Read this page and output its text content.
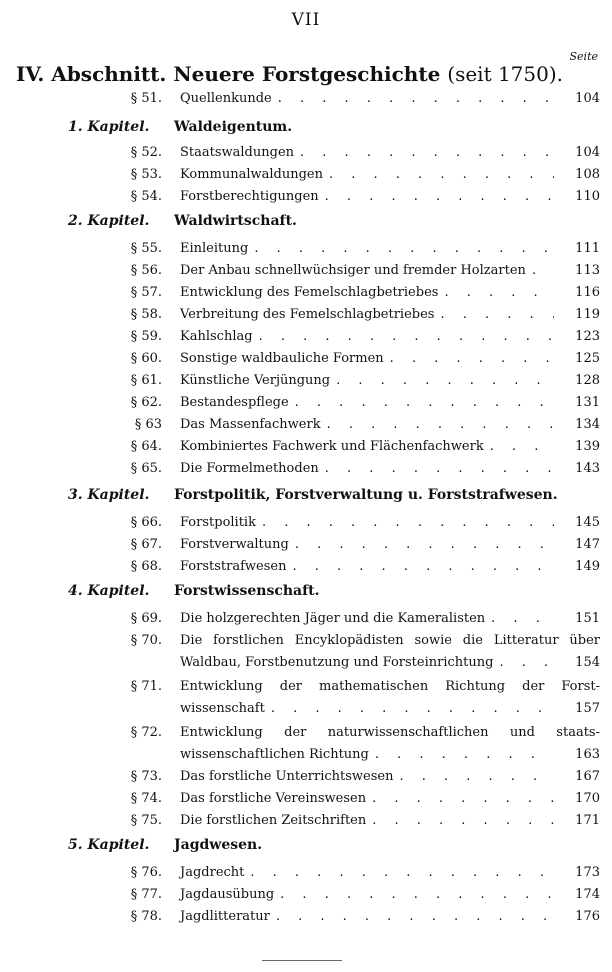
VII
Seite
IV. Abschnitt. Neuere Forstgeschichte (seit 1750).
§ 51. Quellenkunde . . .	104
1. Kapitel. Waldeigentum.
§ 52. Staatswaldungen . . .	104
§ 53. Kommunalwaldungen . . .	108
§ 54. Forstberechtigungen . . .	110
2. Kapitel. Waldwirtschaft.
§ 55. Einleitung . . .	111
§ 56. Der Anbau schnellwüchsiger und fremder Holzarten . . .	113
§ 57. Entwicklung des Femelschlagbetriebes . . .	116
§ 58. Verbreitung des Femelschlagbetriebes . . .	119
§ 59. Kahlschlag . . .	123
§ 60. Sonstige waldbauliche Formen . . .	125
§ 61. Künstliche Verjüngung . . .	128
§ 62. Bestandespflege . . .	131
§ 63 Das Massenfachwerk . . .	134
§ 64. Kombiniertes Fachwerk und Flächenfachwerk . . .	139
§ 65. Die Formelmethoden . . .	143
3. Kapitel. Forstpolitik, Forstverwaltung u. Forststrafwesen.
§ 66. Forstpolitik . . .	145
§ 67. Forstverwaltung . . .	147
§ 68. Forststrafwesen . . .	149
4. Kapitel. Forstwissenschaft.
§ 69. Die holzgerechten Jäger und die Kameralisten . . .	151
§ 70. Die forstlichen Encyklopädisten sowie die Litteratur über
Waldbau, Forstbenutzung und Forsteinrichtung . . .	154
§ 71. Entwicklung der mathematischen Richtung der Forst-
wissenschaft . . .	157
§ 72. Entwicklung der naturwissenschaftlichen und staats-
wissenschaftlichen Richtung . . .	163
§ 73. Das forstliche Unterrichtswesen . . .	167
§ 74. Das forstliche Vereinswesen . . .	170
§ 75. Die forstlichen Zeitschriften . . .	171
5. Kapitel. Jagdwesen.
§ 76. Jagdrecht . . .	173
§ 77. Jagdausübung . . .	174
§ 78. Jagdlitteratur . . .	176
